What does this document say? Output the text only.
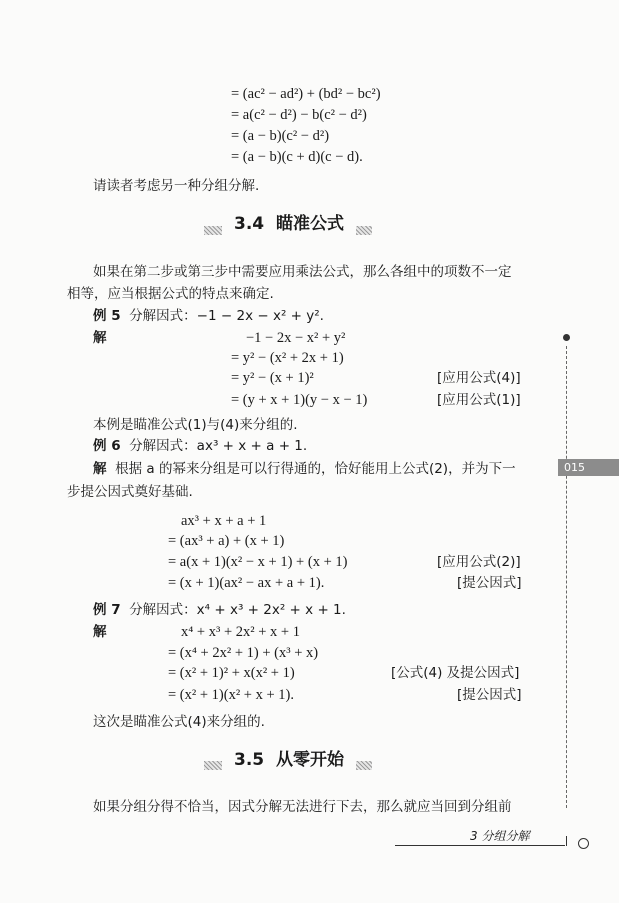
= (ac² − ad²) + (bd² − bc²)
= a(c² − d²) − b(c² − d²)
= (a − b)(c² − d²)
= (a − b)(c + d)(c − d).
请读者考虑另一种分组分解.
3.4 瞄准公式
如果在第二步或第三步中需要应用乘法公式，那么各组中的项数不一定
相等，应当根据公式的特点来确定.
例 5 分解因式：−1 − 2x − x² + y².
解	−1 − 2x − x² + y²
= y² − (x² + 2x + 1)
= y² − (x + 1)²	[应用公式(4)]
= (y + x + 1)(y − x − 1)	[应用公式(1)]
本例是瞄准公式(1)与(4)来分组的.
例 6 分解因式：ax³ + x + a + 1.
解 根据 a 的幂来分组是可以行得通的，恰好能用上公式(2)，并为下一
步提公因式奠好基础.
ax³ + x + a + 1
= (ax³ + a) + (x + 1)
= a(x + 1)(x² − x + 1) + (x + 1)	[应用公式(2)]
= (x + 1)(ax² − ax + a + 1).	[提公因式]
例 7 分解因式：x⁴ + x³ + 2x² + x + 1.
解	x⁴ + x³ + 2x² + x + 1
= (x⁴ + 2x² + 1) + (x³ + x)
= (x² + 1)² + x(x² + 1)	[公式(4) 及提公因式]
= (x² + 1)(x² + x + 1).	[提公因式]
这次是瞄准公式(4)来分组的.
3.5 从零开始
如果分组分得不恰当，因式分解无法进行下去，那么就应当回到分组前
015
3 分组分解
